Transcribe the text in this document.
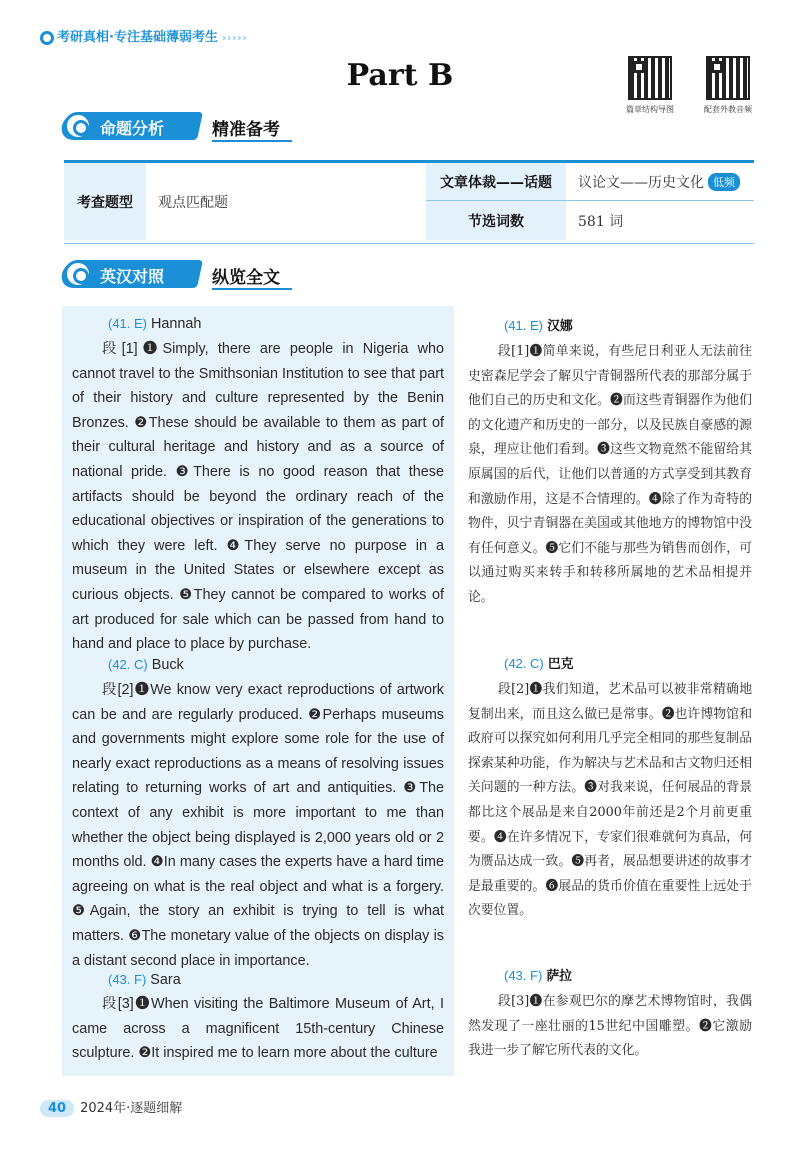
考研真相·专注基础薄弱考生 ›››››
Part B
篇章结构导图	配套外教音频
命题分析	精准备考
考查题型	观点匹配题
文章体裁——话题	议论文——历史文化 低频
节选词数	581 词
英汉对照	纵览全文

(41. E) Hannah

段[1]❶Simply, there are people in Nigeria who cannot travel to the Smithsonian Institution to see that part of their history and culture represented by the Benin Bronzes. ❷These should be available to them as part of their cultural heritage and history and as a source of national pride. ❸There is no good reason that these artifacts should be beyond the ordinary reach of the educational objectives or inspiration of the generations to which they were left. ❹They serve no purpose in a museum in the United States or elsewhere except as curious objects. ❺They cannot be compared to works of art produced for sale which can be passed from hand to hand and place to place by purchase.

(42. C) Buck

段[2]❶We know very exact reproductions of artwork can be and are regularly produced. ❷Perhaps museums and governments might explore some role for the use of nearly exact reproductions as a means of resolving issues relating to returning works of art and antiquities. ❸The context of any exhibit is more important to me than whether the object being displayed is 2,000 years old or 2 months old. ❹In many cases the experts have a hard time agreeing on what is the real object and what is a forgery. ❺Again, the story an exhibit is trying to tell is what matters. ❻The monetary value of the objects on display is a distant second place in importance.

(43. F) Sara

段[3]❶When visiting the Baltimore Museum of Art, I came across a magnificent 15th-century Chinese sculpture. ❷It inspired me to learn more about the culture

(41. E) 汉娜

段[1]❶简单来说，有些尼日利亚人无法前往史密森尼学会了解贝宁青铜器所代表的那部分属于他们自己的历史和文化。❷而这些青铜器作为他们的文化遗产和历史的一部分，以及民族自豪感的源泉，理应让他们看到。❸这些文物竟然不能留给其原属国的后代，让他们以普通的方式享受到其教育和激励作用，这是不合情理的。❹除了作为奇特的物件，贝宁青铜器在美国或其他地方的博物馆中没有任何意义。❺它们不能与那些为销售而创作，可以通过购买来转手和转移所属地的艺术品相提并论。

(42. C) 巴克

段[2]❶我们知道，艺术品可以被非常精确地复制出来，而且这么做已是常事。❷也许博物馆和政府可以探究如何利用几乎完全相同的那些复制品探索某种功能，作为解决与艺术品和古文物归还相关问题的一种方法。❸对我来说，任何展品的背景都比这个展品是来自2000年前还是2个月前更重要。❹在许多情况下，专家们很难就何为真品，何为赝品达成一致。❺再者，展品想要讲述的故事才是最重要的。❻展品的货币价值在重要性上远处于次要位置。

(43. F) 萨拉

段[3]❶在参观巴尔的摩艺术博物馆时，我偶然发现了一座壮丽的15世纪中国雕塑。❷它激励我进一步了解它所代表的文化。

40 2024年·逐题细解
